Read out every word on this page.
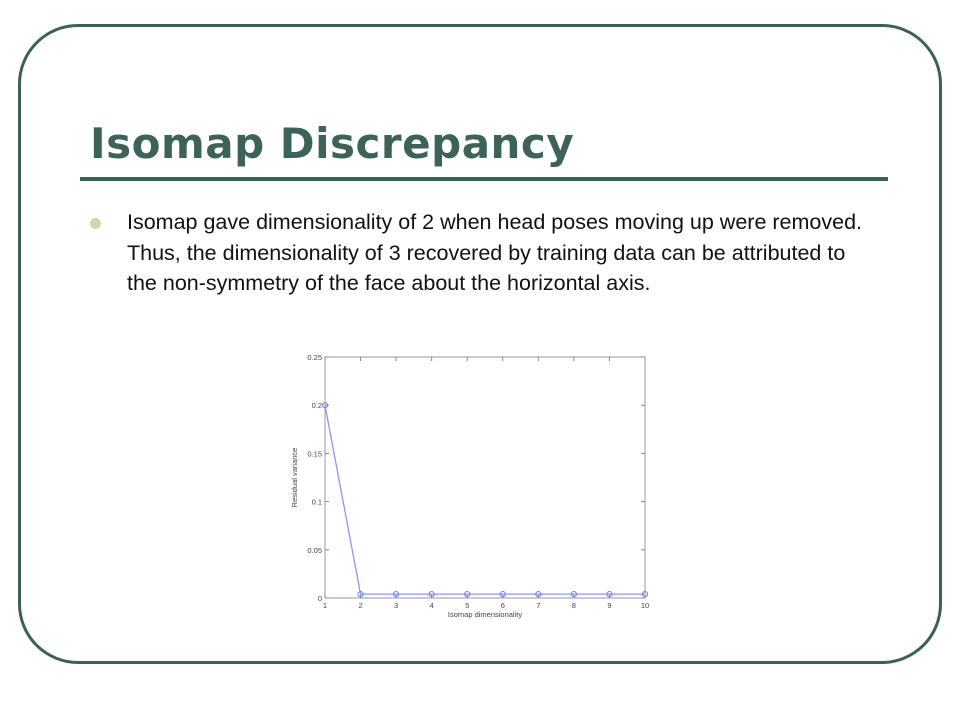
Isomap Discrepancy

Isomap gave dimensionality of 2 when head poses moving up were removed. Thus, the dimensionality of 3 recovered by training data can be attributed to the non-symmetry of the face about the horizontal axis.

0
0.05
0.1
0.15
0.2
0.25
1	2	3	4	5	6	7	8	9	10
Isomap dimensionality
Residual variance
